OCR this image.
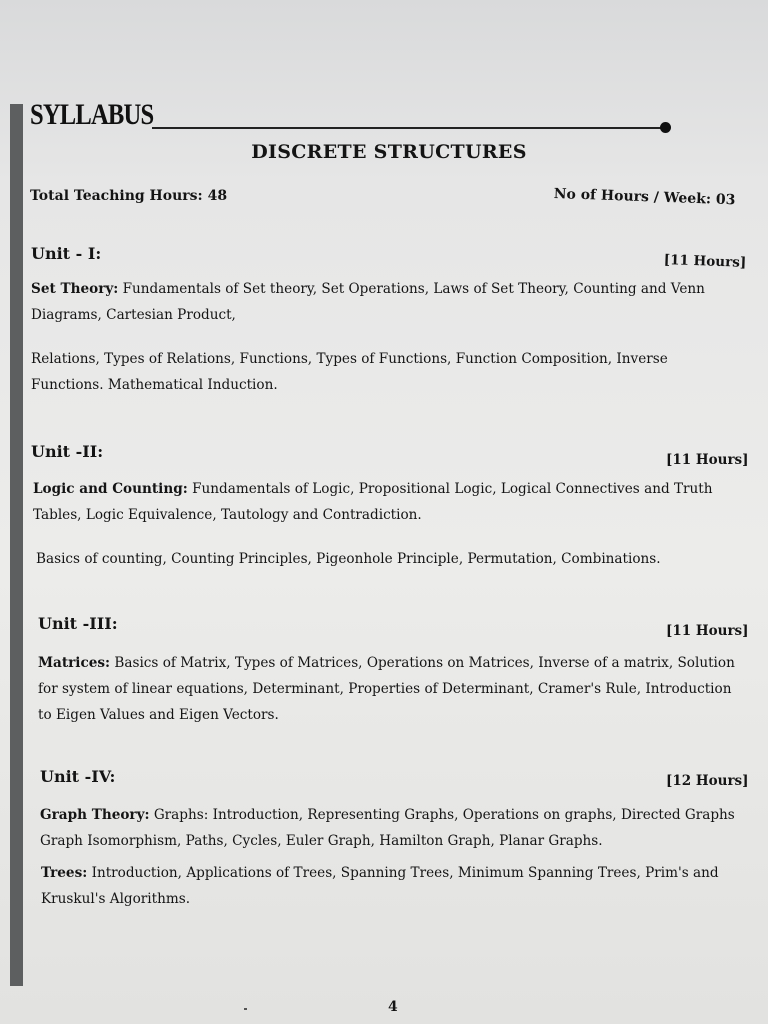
SYLLABUS
DISCRETE STRUCTURES
Total Teaching Hours: 48	No of Hours / Week: 03
Unit - I:	[11 Hours]
Set Theory: Fundamentals of Set theory, Set Operations, Laws of Set Theory, Counting and Venn Diagrams, Cartesian Product,
Relations, Types of Relations, Functions, Types of Functions, Function Composition, Inverse Functions. Mathematical Induction.
Unit -II:	[11 Hours]
Logic and Counting: Fundamentals of Logic, Propositional Logic, Logical Connectives and Truth Tables, Logic Equivalence, Tautology and Contradiction.
Basics of counting, Counting Principles, Pigeonhole Principle, Permutation, Combinations.
Unit -III:	[11 Hours]
Matrices: Basics of Matrix, Types of Matrices, Operations on Matrices, Inverse of a matrix, Solution for system of linear equations, Determinant, Properties of Determinant, Cramer's Rule, Introduction to Eigen Values and Eigen Vectors.
Unit -IV:	[12 Hours]
Graph Theory: Graphs: Introduction, Representing Graphs, Operations on graphs, Directed Graphs Graph Isomorphism, Paths, Cycles, Euler Graph, Hamilton Graph, Planar Graphs.
Trees: Introduction, Applications of Trees, Spanning Trees, Minimum Spanning Trees, Prim's and Kruskul's Algorithms.
4
